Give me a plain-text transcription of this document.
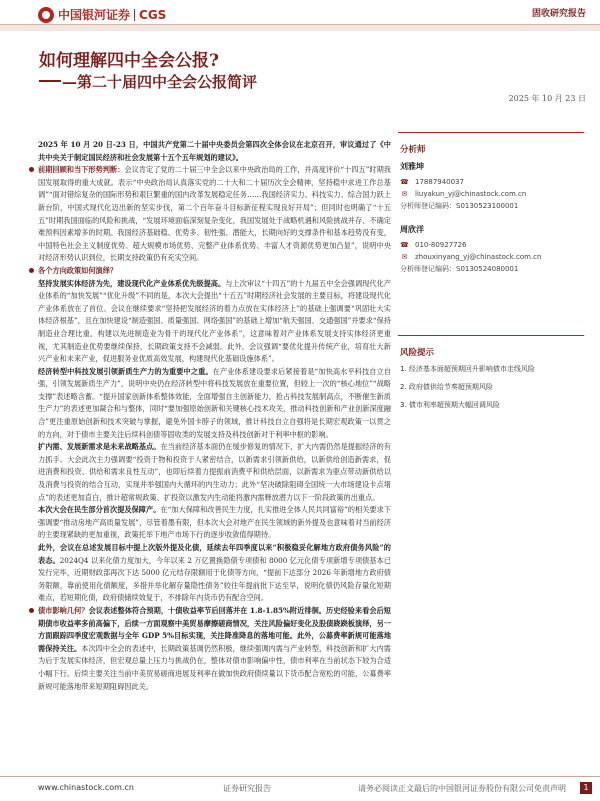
中国银河证券 CGS	固收研究报告
如何理解四中全会公报?
—第二十届四中全会公报简评
2025 年 10 月 23 日

2025 年 10 月 20 日-23 日，中国共产党第二十届中央委员会第四次全体会议在北京召开，审议通过了《中共中央关于制定国民经济和社会发展第十五个五年规划的建议》。

前期回顾和当下形势判断：会议肯定了党的二十届三中全会以来中央政治局的工作，并高度评价“十四五”时期我国发展取得的重大成就。表示“中央政治局认真落实党的二十大和二十届历次全会精神，坚持稳中求进工作总基调”“面对错综复杂的国际形势和艰巨繁重的国内改革发展稳定任务……我国经济实力、科技实力、综合国力跃上新台阶，中国式现代化迈出新的坚实步伐，第二个百年奋斗目标新征程实现良好开局”；但同时也明确了“十五五”时期我国面临的风险和挑战，“发展环境面临深刻复杂变化，我国发展处于战略机遇和风险挑战并存、不确定难预料因素增多的时期。我国经济基础稳、优势多、韧性强、潜能大，长期向好的支撑条件和基本趋势没有变，中国特色社会主义制度优势、超大规模市场优势、完整产业体系优势、丰富人才资源优势更加凸显”，说明中央对经济形势认识到位，长期支持政策仍有充实空间。

各个方向政策如何演绎？

坚持发展实体经济为先，建设现代化产业体系优先级提高。与上次审议“十四五”的十九届五中全会强调现代化产业体系的“加快发展”“优化升级”不同的是，本次大会提出“十五五”时期经济社会发展的主要目标，将建设现代化产业体系放在了首位。会议在继续要求“坚持把发展经济的着力点放在实体经济上”的基础上强调要“巩固壮大实体经济根基”，且在加快建设“制造强国、质量强国、网络强国”的基础上增加“航天强国、交通强国”并要求“保持制造业合理比重，构建以先进制造业为骨干的现代化产业体系”，这意味着对产业体系发展支持实体经济更重视，尤其制造业优势要继续保持，长期政策支持不会减弱。此外，会议强调“要优化提升传统产业，培育壮大新兴产业和未来产业，促进服务业优质高效发展，构建现代化基础设施体系”。

经济转型中科技发展引领新质生产力的为重要中之重。在产业体系建设要求后紧接着是“加快高水平科技自立自强，引领发展新质生产力”，说明中央仍在经济转型中将科技发展放在重要位置，但较上一次的“核心地位”“战略支撑”表述略含蓄。“提升国家创新体系整体效能，全面增强自主创新能力，抢占科技发展制高点，不断催生新质生产力”的表述更加凝合和与整体，同时“要加强原始创新和关键核心技术攻关，推动科技创新和产业创新深度融合”更注重原始创新和技术突破与掌握，避免外国卡脖子的领域，推计科技自立自强将是长期宏观政策一以贯之的方向，对于债市主要关注后续科创债等固收类的发展支持及科技创新对于利率中枢的影响。

扩内需、发展新需求是未来战略基点。在当前经济基本面仍在缓步修复的情况下，扩大内需仍然是提振经济的有力抓手。大会此次主力强调要“投资于物和投资于人紧密结合，以新需求引领新供给，以新供给创造新需求，促进消费和投资、供给和需求良性互动”，也即后续着力提振前消费平和供给层面，以新需求为驱点带动新供给以及消费与投资的结合互动，实现并举强国内大循环的内生动力；此外“坚决破除阻碍全国统一大市场建设卡点堵点”的表述更加直白，推计超常规政策、扩投资以激发内生动能将激内需释放潜力以下一阶段政策的出重点。

本次大会在民生部分首次提及保障产。在“加大保障和改善民生力度，扎实推进全体人民共同富裕”的相关要求下强调要“推动房地产高质量发展”，尽管着墨有限，但本次大会对地产在民生领域的新外提及也意味着对当前经济的主要现紧缺的更加重视，政策托举下地产市场下行的逐步收敛值得期待。

此外，会议在总述发展目标中提上次版外提及化债，延续去年四季度以来“积极稳妥化解地方政府债务风险”的表态。2024Q4 以来化债力度加大，今年以来 2 万亿置换隐债专项债和 8000 亿元化债专项新增专项债基本已发行完毕，近期财政部再次下达 5000 亿元结存限额用于化债等方向，“提前下达部分 2026 年新增地方政府债务限额，靠前使用化债额度，多措并举化解存量隐性债务”较往年提前批下达至早，说明化债仍风险存量化短期难点，若短期化债，政府债储续效复于，不排除年内货币仍有配合空间。

债市影响几何？会议表述整体符合预期，十债收益率节后回落并在 1.8-1.85%附近徘徊。历史经验来看会后短期债市收益率多前高偏下，后续一方面观察中美贸易摩擦磋商情况，关注风险偏好变化及股债跷跷板演绎，另一方面跟踪四季度宏观数据与全年 GDP 5%目标实现，关注降准降息的落地可能。此外，公募费率新规可能落地需保持关注。本次四中全会的表述中，长期政策基调仍然积极，继续强调内需与产业转型，科技创新和扩大内需为后于发展实体经济，但宏观总量上压力与挑战仍在，整体对债市影响偏中性，债市利率在当前状态下较为合适小幅下行。后续主要关注当前中美贸易磋商进展及利率在做加快政府债续量以下货币配合宽松的可能，公募费率新规可能落地带来短期阻碍因此关。

分析师
刘雅坤
☎ 17887940037
✉ liuyakun_yj@chinastock.com.cn
分析师登记编码：S0130523100001
周欣洋
☎ 010-80927726
✉ zhouxinyang_yj@chinastock.com.cn
分析师登记编码：S0130524080001
风险提示
1. 经济基本面超预期回升影响债市走线风险
2. 政府债供给节奏超预期风险
3. 债市利率超预期大幅回调风险
www.chinastock.com.cn	证券研究报告	请务必阅读正文最后的中国银河证券股份有限公司免责声明	1
